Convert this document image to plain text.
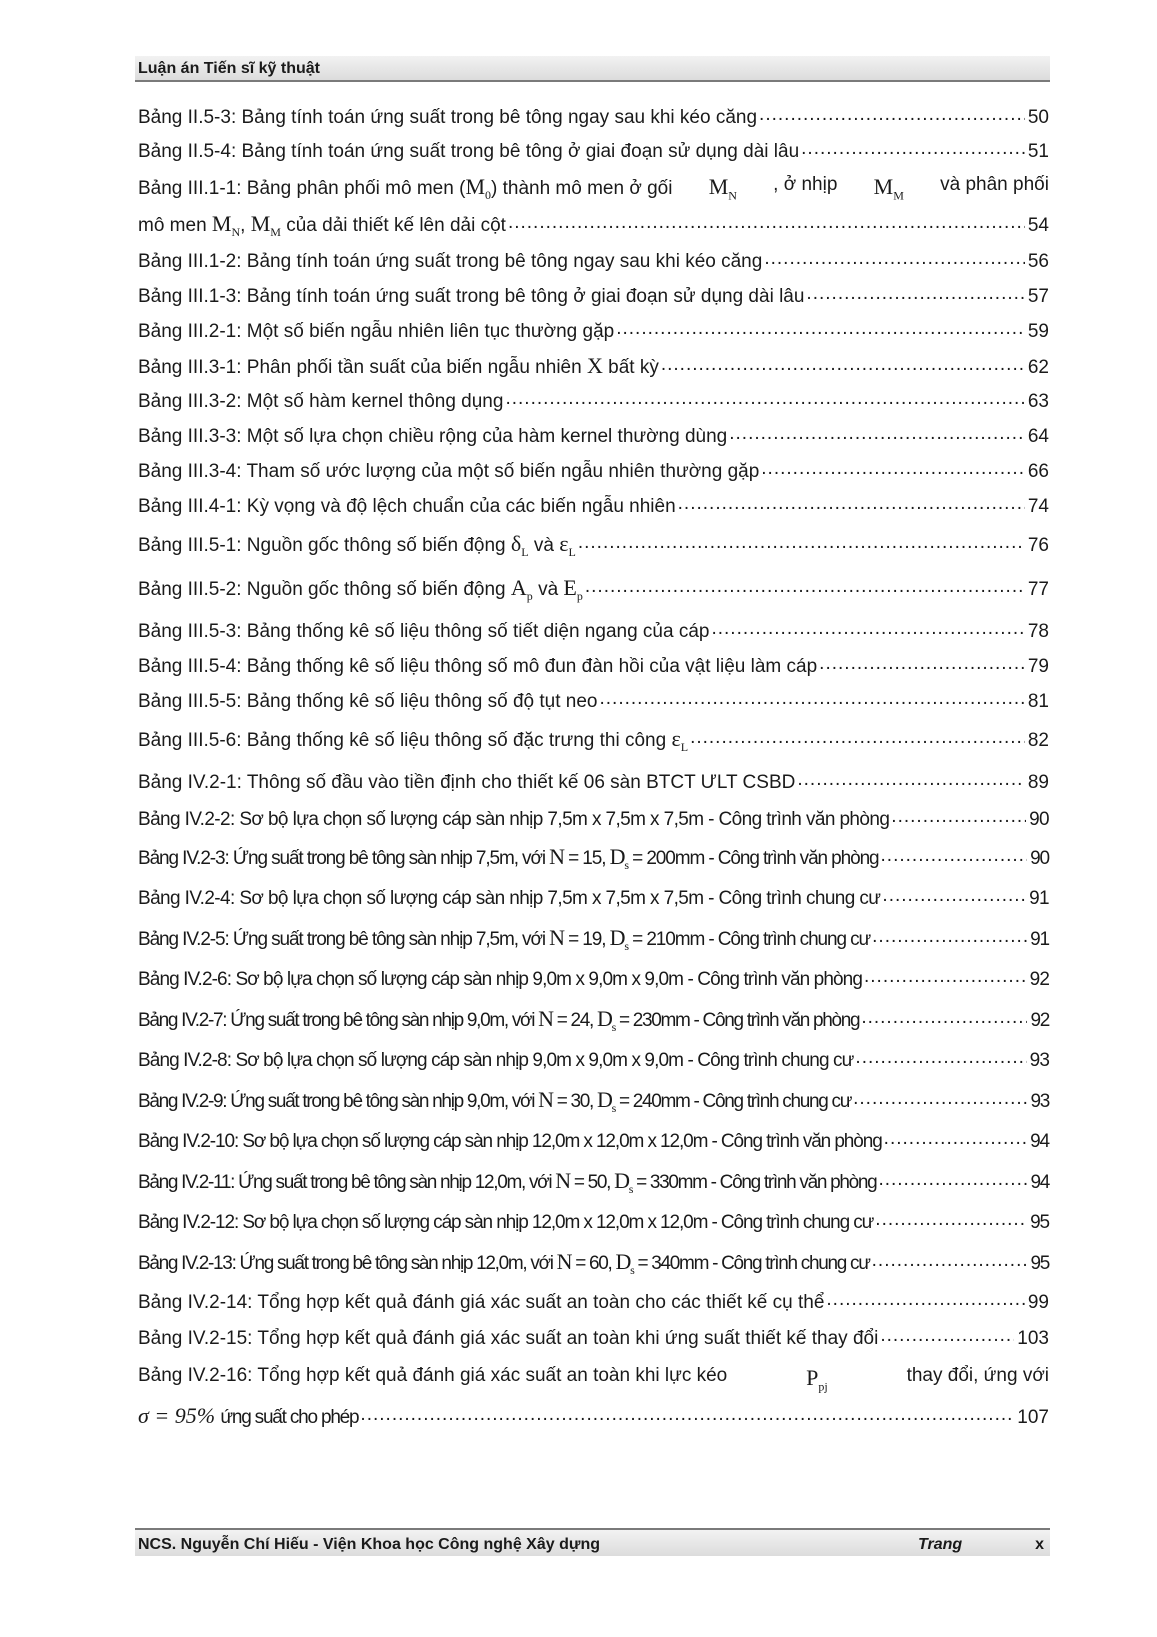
Luận án Tiến sĩ kỹ thuật
Bảng II.5-3: Bảng tính toán ứng suất trong bê tông ngay sau khi kéo căng .....	50
Bảng II.5-4: Bảng tính toán ứng suất trong bê tông ở giai đoạn sử dụng dài lâu .....	51
Bảng III.1-1: Bảng phân phối mô men $(M_0)$ thành mô men ở gối $M_N$
, ở nhịp $M_M$
và phân phối
mô men $M_N$, $M_M$ của dải thiết kế lên dải cột .....	54
Bảng III.1-2: Bảng tính toán ứng suất trong bê tông ngay sau khi kéo căng .....	56
Bảng III.1-3: Bảng tính toán ứng suất trong bê tông ở giai đoạn sử dụng dài lâu .....	57
Bảng III.2-1: Một số biến ngẫu nhiên liên tục thường gặp .....	59
Bảng III.3-1: Phân phối tần suất của biến ngẫu nhiên X bất kỳ .....	62
Bảng III.3-2: Một số hàm kernel thông dụng .....	63
Bảng III.3-3: Một số lựa chọn chiều rộng của hàm kernel thường dùng .....	64
Bảng III.3-4: Tham số ước lượng của một số biến ngẫu nhiên thường gặp .....	66
Bảng III.4-1: Kỳ vọng và độ lệch chuẩn của các biến ngẫu nhiên .....	74
Bảng III.5-1: Nguồn gốc thông số biến động $\delta_L$ và $\varepsilon_L$ .....	76
Bảng III.5-2: Nguồn gốc thông số biến động $A_p$ và $E_p$ .....	77
Bảng III.5-3: Bảng thống kê số liệu thông số tiết diện ngang của cáp .....	78
Bảng III.5-4: Bảng thống kê số liệu thông số mô đun đàn hồi của vật liệu làm cáp .....	79
Bảng III.5-5: Bảng thống kê số liệu thông số độ tụt neo .....	81
Bảng III.5-6: Bảng thống kê số liệu thông số đặc trưng thi công $\varepsilon_L$ .....	82
Bảng IV.2-1: Thông số đầu vào tiền định cho thiết kế 06 sàn BTCT ƯLT CSBD .....	89
Bảng IV.2-2: Sơ bộ lựa chọn số lượng cáp sàn nhịp 7,5m x 7,5m x 7,5m - Công trình văn phòng .....	90
Bảng IV.2-3: Ứng suất trong bê tông sàn nhịp 7,5m, với N = 15, $D_s = 200mm$ - Công trình văn phòng .....	90
Bảng IV.2-4: Sơ bộ lựa chọn số lượng cáp sàn nhịp 7,5m x 7,5m x 7,5m - Công trình chung cư .....	91
Bảng IV.2-5: Ứng suất trong bê tông sàn nhịp 7,5m, với N = 19, $D_s = 210mm$ - Công trình chung cư .....	91
Bảng IV.2-6: Sơ bộ lựa chọn số lượng cáp sàn nhịp 9,0m x 9,0m x 9,0m - Công trình văn phòng .....	92
Bảng IV.2-7: Ứng suất trong bê tông sàn nhịp 9,0m, với N = 24, $D_s = 230mm$ - Công trình văn phòng .....	92
Bảng IV.2-8: Sơ bộ lựa chọn số lượng cáp sàn nhịp 9,0m x 9,0m x 9,0m - Công trình chung cư .....	93
Bảng IV.2-9: Ứng suất trong bê tông sàn nhịp 9,0m, với N = 30, $D_s = 240mm$ - Công trình chung cư .....	93
Bảng IV.2-10: Sơ bộ lựa chọn số lượng cáp sàn nhịp 12,0m x 12,0m x 12,0m - Công trình văn phòng .....	94
Bảng IV.2-11: Ứng suất trong bê tông sàn nhịp 12,0m, với N = 50, $D_s = 330mm$ - Công trình văn phòng .....	94
Bảng IV.2-12: Sơ bộ lựa chọn số lượng cáp sàn nhịp 12,0m x 12,0m x 12,0m - Công trình chung cư .....	95
Bảng IV.2-13: Ứng suất trong bê tông sàn nhịp 12,0m, với N = 60, $D_s = 340mm$ - Công trình chung cư .....	95
Bảng IV.2-14: Tổng hợp kết quả đánh giá xác suất an toàn cho các thiết kế cụ thể .....	99
Bảng IV.2-15: Tổng hợp kết quả đánh giá xác suất an toàn khi ứng suất thiết kế thay đổi .....	103
Bảng IV.2-16: Tổng hợp kết quả đánh giá xác suất an toàn khi lực kéo	$P_{pj}$
thay đổi, ứng với
σ = 95% ứng suất cho phép .....	107
NCS. Nguyễn Chí Hiếu - Viện Khoa học Công nghệ Xây dựng	Trang	x
